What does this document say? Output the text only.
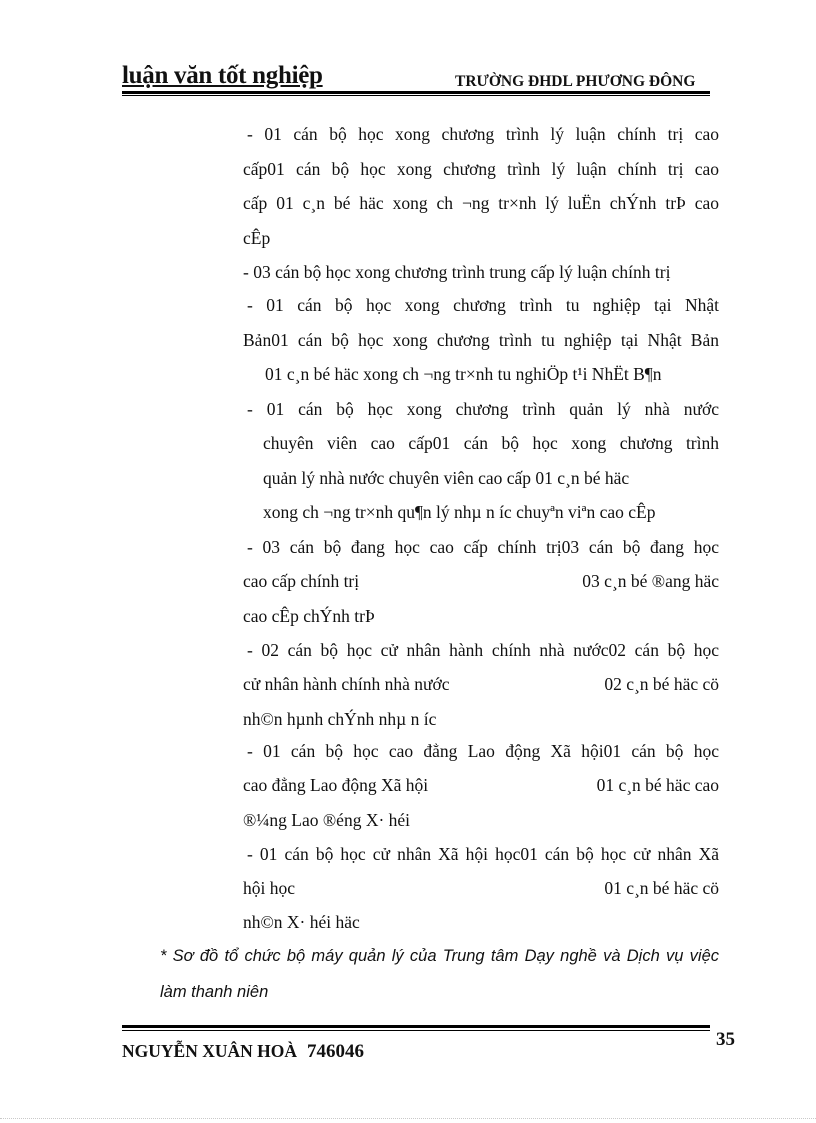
luận văn tốt nghiệp	TRƯỜNG ĐHDL PHƯƠNG ĐÔNG
- 01 cán bộ học xong chương trình lý luận chính trị cao
cấp01 cán bộ học xong chương trình lý luận chính trị cao
cấp 01 c¸n bé häc xong ch ¬ng tr×nh lý luËn chÝnh trÞ cao
cÊp
- 03 cán bộ học xong chương trình trung cấp lý luận chính trị
- 01 cán bộ học xong chương trình tu nghiệp tại Nhật
Bản01 cán bộ học xong chương trình tu nghiệp tại Nhật Bản
01 c¸n bé häc xong ch ¬ng tr×nh tu nghiÖp t¹i NhËt B¶n
- 01 cán bộ học xong chương trình quản lý nhà nước
chuyên viên cao cấp01 cán bộ học xong chương trình
quản lý nhà nước chuyên viên cao cấp 01 c¸n bé häc
xong ch ¬ng tr×nh qu¶n lý nhµ n íc chuyªn viªn cao cÊp
- 03 cán bộ đang học cao cấp chính trị03 cán bộ đang học
cao cấp chính trị	03 c¸n bé ®ang häc
cao cÊp chÝnh trÞ
- 02 cán bộ học cử nhân hành chính nhà nước02 cán bộ học
cử nhân hành chính nhà nước	02 c¸n bé häc cö
nh©n hµnh chÝnh nhµ n íc
- 01 cán bộ học cao đẳng Lao động Xã hội01 cán bộ học
cao đẳng Lao động Xã hội	01 c¸n bé häc cao
®¼ng Lao ®éng X· héi
- 01 cán bộ học cử nhân Xã hội học01 cán bộ học cử nhân Xã
hội học	01 c¸n bé häc cö
nh©n X· héi häc
* Sơ đồ tổ chức bộ máy quản lý của Trung tâm Dạy nghề và Dịch vụ việc
làm thanh niên
NGUYỄN XUÂN HOÀ 746046
35
